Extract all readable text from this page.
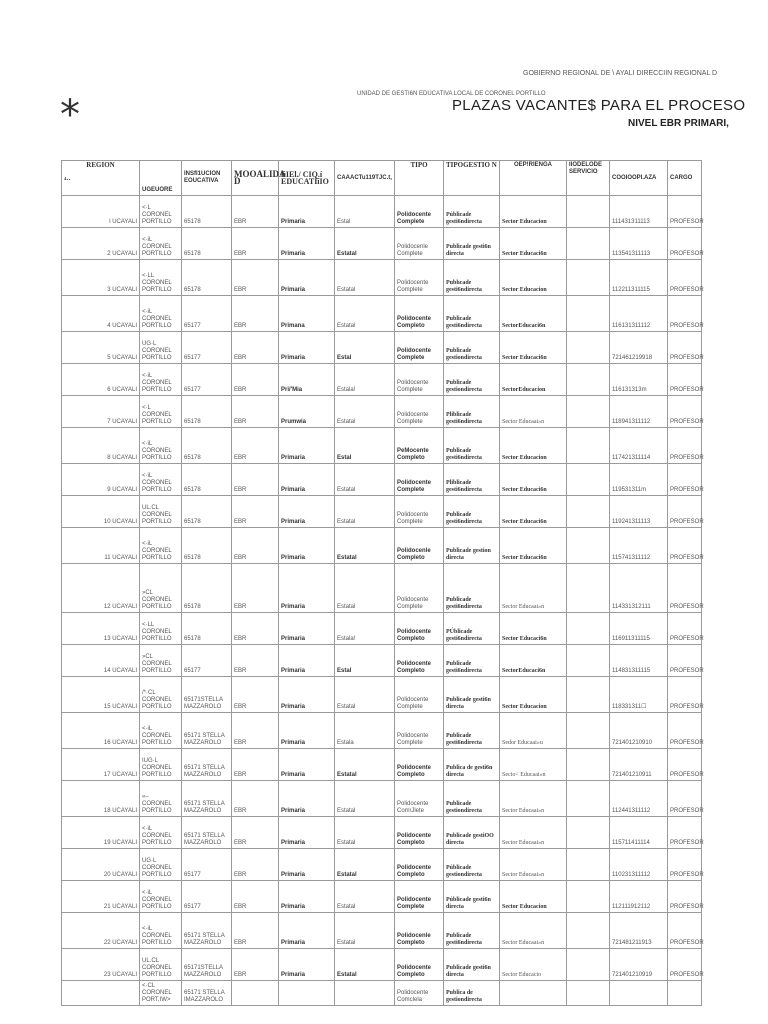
GOBIERNO REGIONAL DE \ AYALI DIRECCIIN REGIONAL D
UNIDAD DE GESTI6N EDUCATIVA LOCAL DE CORONEL PORTILLO
*	PLAZAS VACANTE$ PARA EL PROCESO
NIVEL EBR PRIMARI,
REGION
⁴··	UGEUORE	INSfI1UCION EOUCATIVA	MOOALIDA D	fìIEl./ CIQ.í EDUCATIîIO	CAAACTu119TJC.t,	TIPO	TIPOGESTIO N	OEP!RIENGA	IIODELODE SERVICIO	COOIOOPI.AZA	CARGO
l UCAYALI	<·L CORONEL PORTILLO	65178	EBR	Primaria	Estal	Polidocente Complete	Públicade gesti6ndirecta	Sector Educacion		111431311113	PROFESOR
2 UCAYALI	<·iL CORONEL PORTILLO	65178	EBR	Primaria	Estatal	Polidocenle Complete	Publicade gesti6n directa	Sector Educaci6n		113541311113	PROFESOR
3 UCAYALI	<·LL CORONEL PORTILLO	65178	EBR	Primaria	Estatal	Polidocente Complete	Pubhcade gesti6ndirecta	Sector Educacion		112211311115	PROFESOR
4 UCAYALI	<·iL CORONEL PORTILLO	65177	EBR	Primana	Estatal	Polidocente Completo	Publicade gesti6ndirecta	SectorEducaci6n		116131311112	PROFESOR
5 UCAYALI	UG·L CORONEL PORTILLO	65177	EBR	Primaria	Estal	Polidocente Complete	Publicade gestiondirecta	Sector Educaci6n		721461219918	PROFESOR
6 UCAYALI	<·iL CORONEL PORTILLO	65177	EBR	Pri/'Mia	Estala!	Polidocente Complete	Publicade gestiondirecta	SectorEducacion		116131313m	PROFESOR
7 UCAYALI	<·L CORONEL PORTILLO	65178	EBR	Prumwia	Estatal	Polidocente Complete	Pliblicade gesti6ndirecta	Sector Educaai»n		118941311112	PROFESOR
8 UCAYALI	<·iL CORONEL PORTILLO	65178	EBR	Primaria	Estal	PeMocente Completo	Publicade gesti6ndirecta	Sector Educacion		117421311114	PROFESOR
9 UCAYALI	<·iL CORONEL PORTILLO	65178	EBR	Primaria	Estatal	Polidocente Complete	Pliblicade gesti6ndirecta	Sector Educaci6n		119531311m	PROFESOR
10 UCAYALI	UL.CL CORONEL PORTILLO	65178	EBR	Primaria	Estatal	Polidocente Complete	Publicade gesti6ndirecta	Sector Educaci6n		119241311113	PROFESOR
11 UCAYALI	<·iL CORONEL PORTILLO	65178	EBR	Primaria	Estatal	Polidocenle Completo	Publicade gestion directa	Sector Educaci6n		115741311112	PROFESOR
12 UCAYALI	»CL CORONEL PORTILLO	65178	EBR	Primaria	Estatal	Polidocente Complete	Publicade gesti6ndirecta	Secior Educaai»n		114331312111	PROFESOR
13 UCAYALI	<·LL CORONEL PORTILLO	65178	EBR	Primaria	Estala!	Polidocente Completo	PÚblicade gesti6ndirecta	Sector Educaci6n		116911311115	PROFESOR
14 UCAYALI	»CL CORONEL PORTILLO	65177	EBR	Primaria	Estal	Polidocente Completo	Publicade gesti6ndirecta	SectorEducaci6n		114831311115	PROFESOR
15 UCAYALI	/*·CL CORONEL PORTILLO	65171STELLA MAZZAROLO	EBR	Primaria	Estatal	Polidocente Complete	Publicade gesti6n directa	Sector Educacion		118331311☐	PROFESOR
16 UCAYALI	<·iL CORONEL PORTILLO	65171 STELLA MAZZAROLO	EBR	Primaria	Estala	Polidocente Complete	Publicade gesti6ndirecta	Sedor Educaai»u		721401210910	PROFESOR
17 UCAYALI	IUG·L CORONEL PORTILLO	65171 STELLA MAZZAROLO	EBR	Primaria	Estatal	Polidocente Completo	Publica de gesti6n directa	Secio< Educaai»n		721401210911	PROFESOR
18 UCAYALI	«– CORONEL PORTILLO	65171 STELLA MAZZAROLO	EBR	Primaria	Estatal	Polidocente Com\Jlete	Publicade gestiondirecta	Sector Educaai»n		112441311112	PROFESOR
19 UCAYALI	<·iL CORONEL PORTILLO	65171 STELLA MAZZAROLO	EBR	Primaria	Estatal	Polidocente Completo	Publicade gestiOO directa	Sector Educaai»n		115711411114	PROFESOR
20 UCAYALI	UG·L CORONEL PORTILLO	65177	EBR	Primaria	Estatal	Polidocente Completo	Públicade gestiondirecta	Sector Educaai»n		110231311112	PROFESOR
21 UCAYALI	<·iL CORONEL PORTILLO	65177	EBR	Primaria	Estatal	Polidocente Complete	Públicade gesti6n directa	Sector Educacion		112111912112	PROFESOR
22 UCAYALI	<·iL CORONEL PORTILLO	65171 STELLA MAZZAROLO	EBR	Primaria	Estatal	Polidocenle Completo	Publicade gesti6ndirecta	Sector Educaai»n		721481211913	PROFESOR
23 UCAYALI	UL.CL CORONEL PORTILLO	65171STELLA MAZZAROLO	EBR	Primaria	Estatal	Polidocente Completo	Publicade gesti6n directa	Sector Educacio		721401210919	PROFESOR
	<·CL CORONEL PORT,IW>	65171 STELLA IMAZZAROLO				Polidocente Comclela	Publica de gestiondirecta				
